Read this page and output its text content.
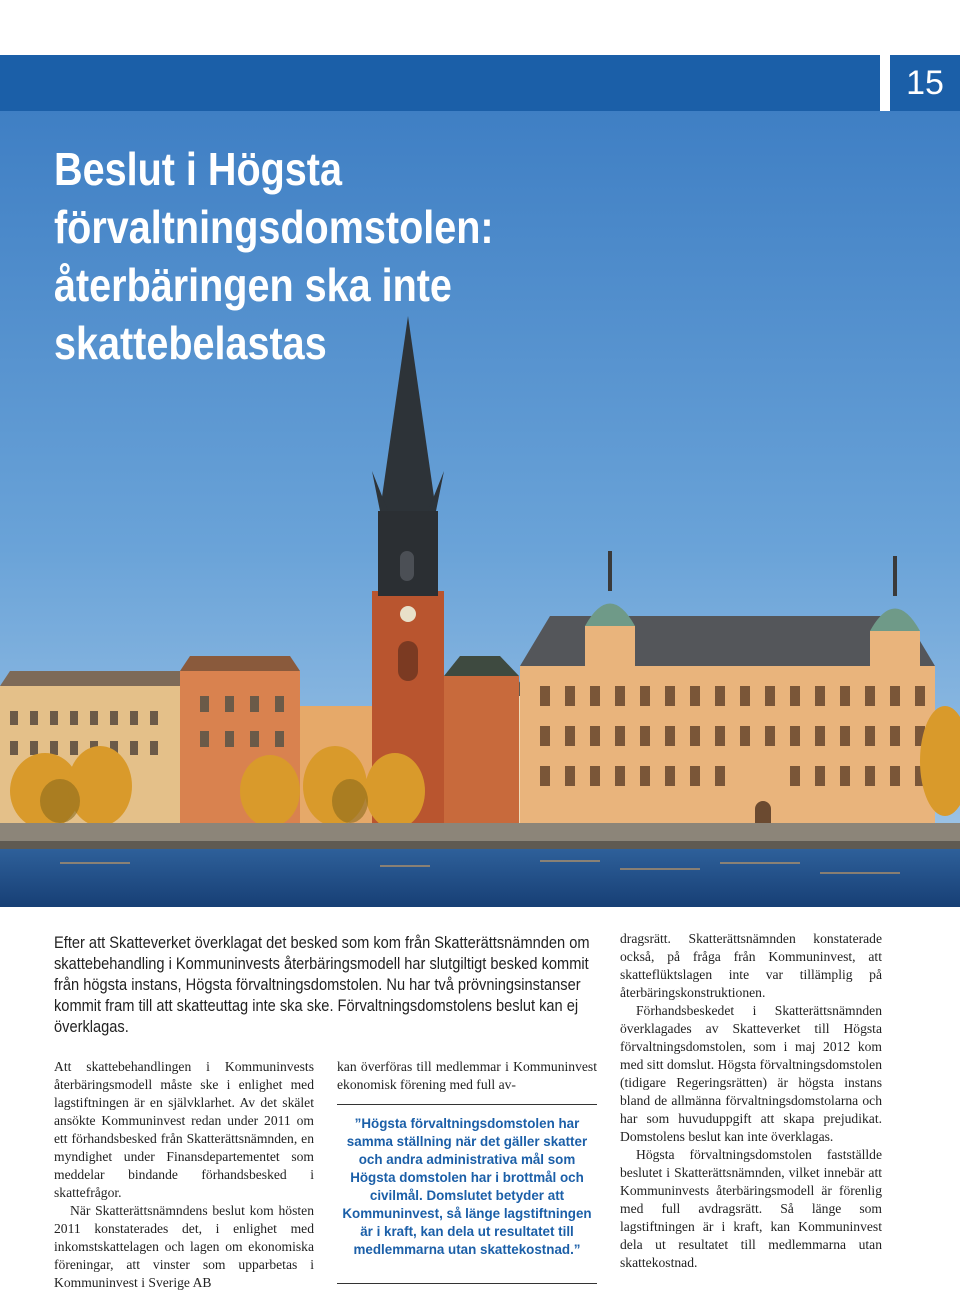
15
Beslut i Högsta förvaltningsdomstolen: återbäringen ska inte skattebelastas

Efter att Skatteverket överklagat det besked som kom från Skatterättsnämnden om skattebehandling i Kommuninvests återbäringsmodell har slutgiltigt besked kommit från högsta instans, Högsta förvaltningsdomstolen. Nu har två prövningsinstanser kommit fram till att skatteuttag inte ska ske. Förvaltningsdomstolens beslut kan ej överklagas.

Att skattebehandlingen i Kommuninvests återbäringsmodell måste ske i enlighet med lagstiftningen är en självklarhet. Av det skälet ansökte Kommuninvest redan under 2011 om ett förhandsbesked från Skatterättsnämnden, en myndighet under Finansdepartementet som meddelar bindande förhandsbesked i skattefrågor.

När Skatterättsnämndens beslut kom hösten 2011 konstaterades det, i enlighet med inkomstskattelagen och lagen om ekonomiska föreningar, att vinster som upparbetas i Kommuninvest i Sverige AB

kan överföras till medlemmar i Kommuninvest ekonomisk förening med full av-

”Högsta förvaltningsdomstolen har samma ställning när det gäller skatter och andra administrativa mål som Högsta domstolen har i brottmål och civilmål. Domslutet betyder att Kommuninvest, så länge lagstiftningen är i kraft, kan dela ut resultatet till medlemmarna utan skattekostnad.”

dragsrätt. Skatterättsnämnden konstaterade också, på fråga från Kommuninvest, att skatteflüktslagen inte var tillämplig på återbäringskonstruktionen.

Förhandsbeskedet i Skatterättsnämnden överklagades av Skatteverket till Högsta förvaltningsdomstolen, som i maj 2012 kom med sitt domslut. Högsta förvaltningsdomstolen (tidigare Regeringsrätten) är högsta instans bland de allmänna förvaltningsdomstolarna och har som huvuduppgift att skapa prejudikat. Domstolens beslut kan inte överklagas.

Högsta förvaltningsdomstolen fastställde beslutet i Skatterättsnämnden, vilket innebär att Kommuninvests återbäringsmodell är förenlig med full avdragsrätt. Så länge som lagstiftningen är i kraft, kan Kommuninvest dela ut resultatet till medlemmarna utan skattekostnad.
